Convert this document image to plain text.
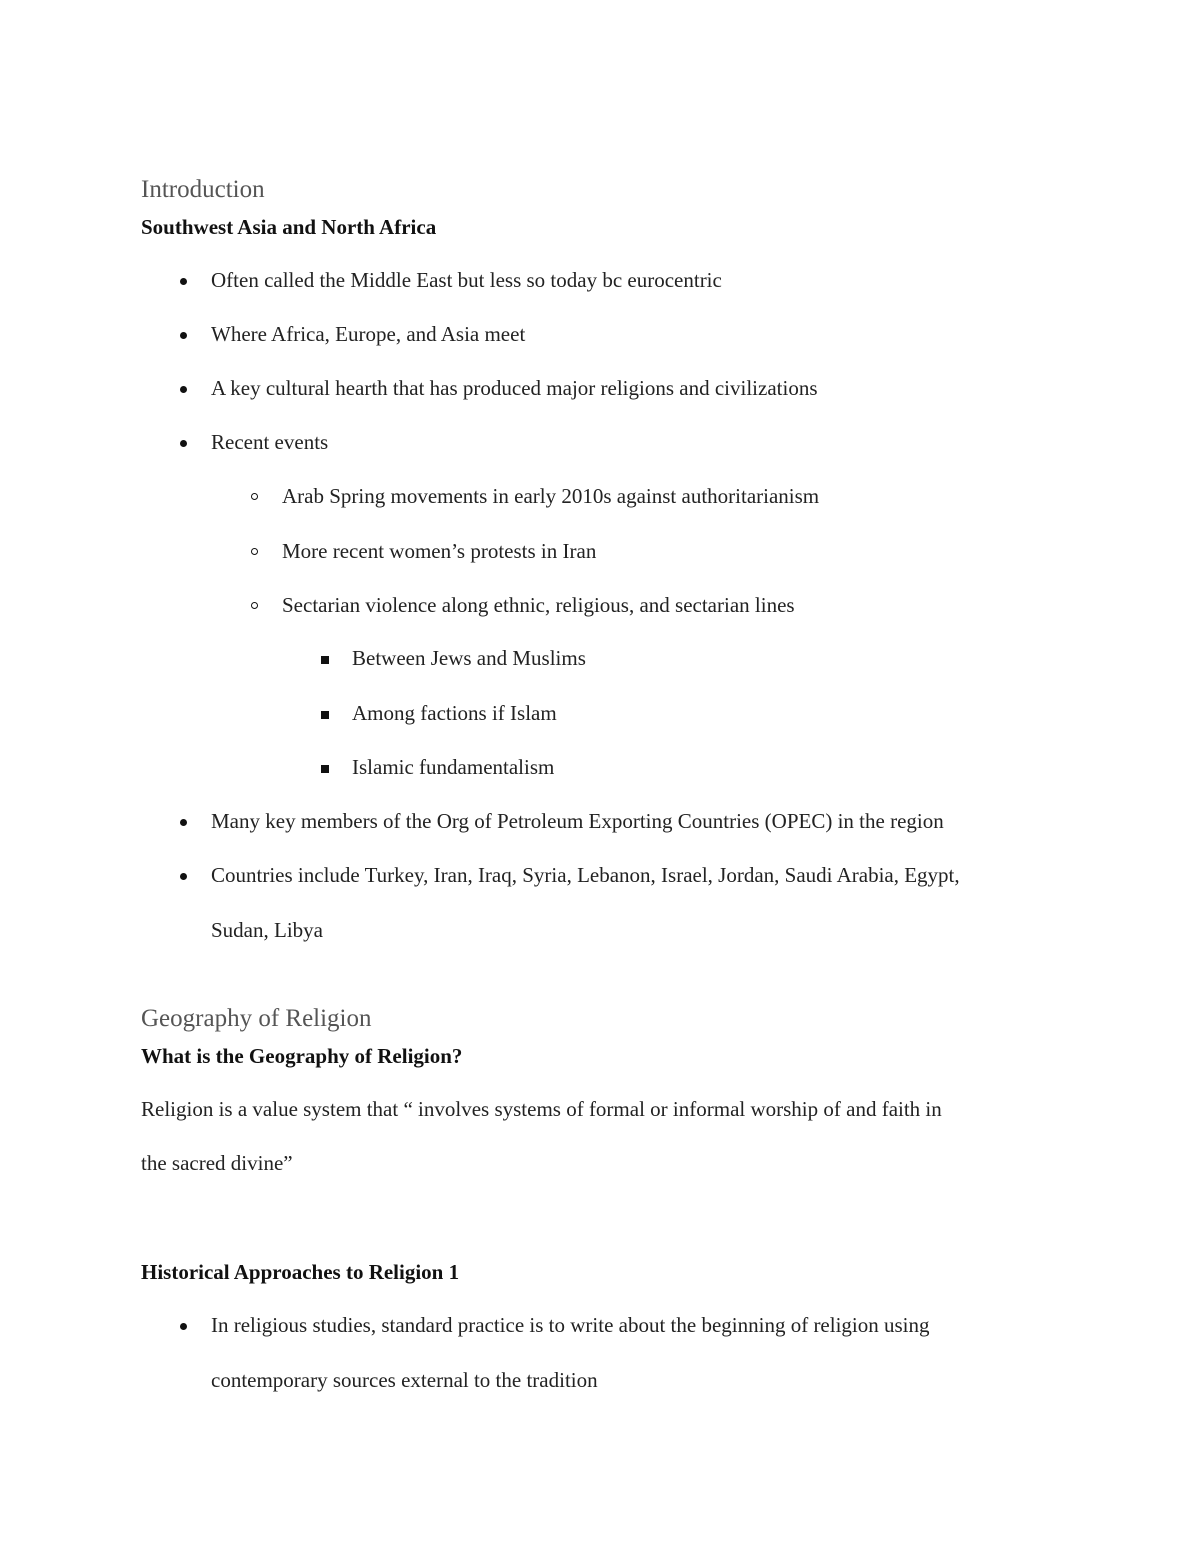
Introduction
Southwest Asia and North Africa
Often called the Middle East but less so today bc eurocentric
Where Africa, Europe, and Asia meet
A key cultural hearth that has produced major religions and civilizations
Recent events
Arab Spring movements in early 2010s against authoritarianism
More recent women’s protests in Iran
Sectarian violence along ethnic, religious, and sectarian lines
Between Jews and Muslims
Among factions if Islam
Islamic fundamentalism
Many key members of the Org of Petroleum Exporting Countries (OPEC) in the region
Countries include Turkey, Iran, Iraq, Syria, Lebanon, Israel, Jordan, Saudi Arabia, Egypt,
Sudan, Libya
Geography of Religion
What is the Geography of Religion?
Religion is a value system that “ involves systems of formal or informal worship of and faith in
the sacred divine”
Historical Approaches to Religion 1
In religious studies, standard practice is to write about the beginning of religion using
contemporary sources external to the tradition
